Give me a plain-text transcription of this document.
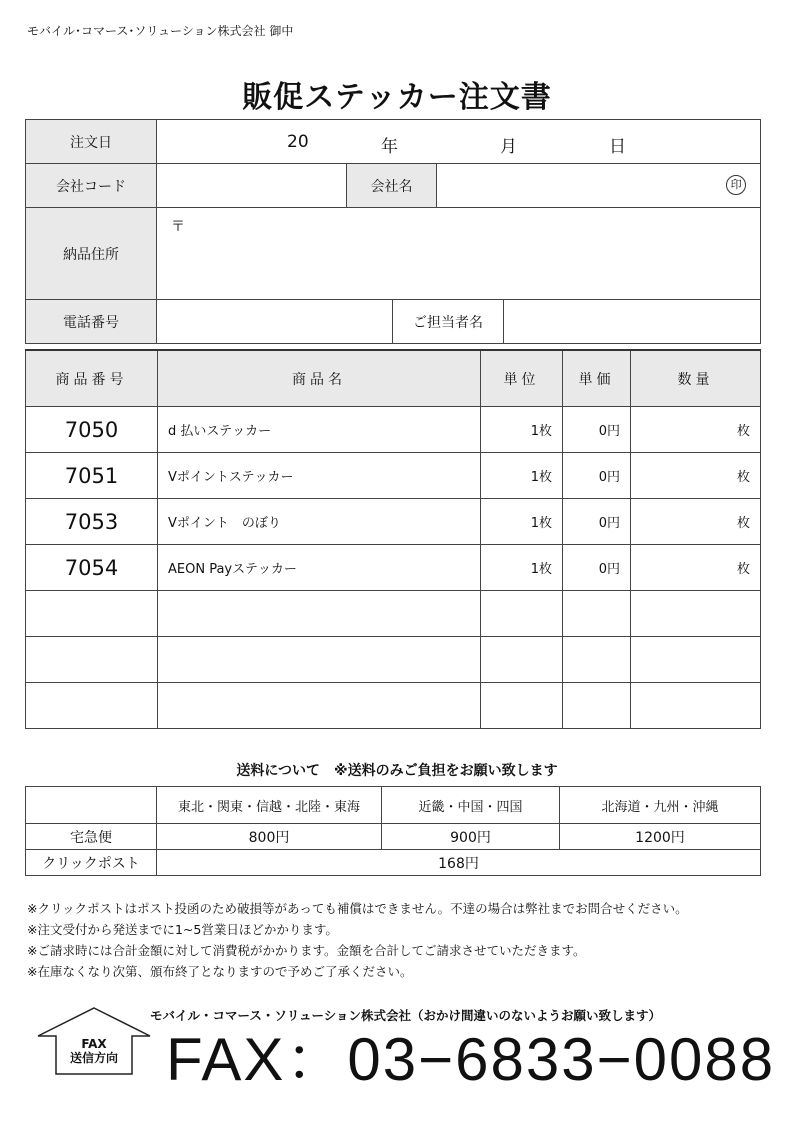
モバイル･コマース･ソリューション株式会社 御中
販促ステッカー注文書
注文日	20 年 月 日				

会社コード		会社名		印	

納品住所	〒				
電話番号			ご担当者名		
商品番号	商品名	単位	単価	数量
7050	d 払いステッカー	1枚	0円	枚
7051	Vポイントステッカー	1枚	0円	枚
7053	Vポイント　のぼり	1枚	0円	枚
7054	AEON Payステッカー	1枚	0円	枚

送料について　※送料のみご負担をお願い致します
	東北・関東・信越・北陸・東海	近畿・中国・四国	北海道・九州・沖縄
宅急便	800円	900円	1200円
クリックポスト	168円		
※クリックポストはポスト投函のため破損等があっても補償はできません。不達の場合は弊社までお問合せください。
※注文受付から発送までに1~5営業日ほどかかります。
※ご請求時には合計金額に対して消費税がかかります。金額を合計してご請求させていただきます。
※在庫なくなり次第、頒布終了となりますので予めご了承ください。
FAX
送信方向
モバイル・コマース・ソリューション株式会社（おかけ間違いのないようお願い致します）
FAX：03−6833−0088
